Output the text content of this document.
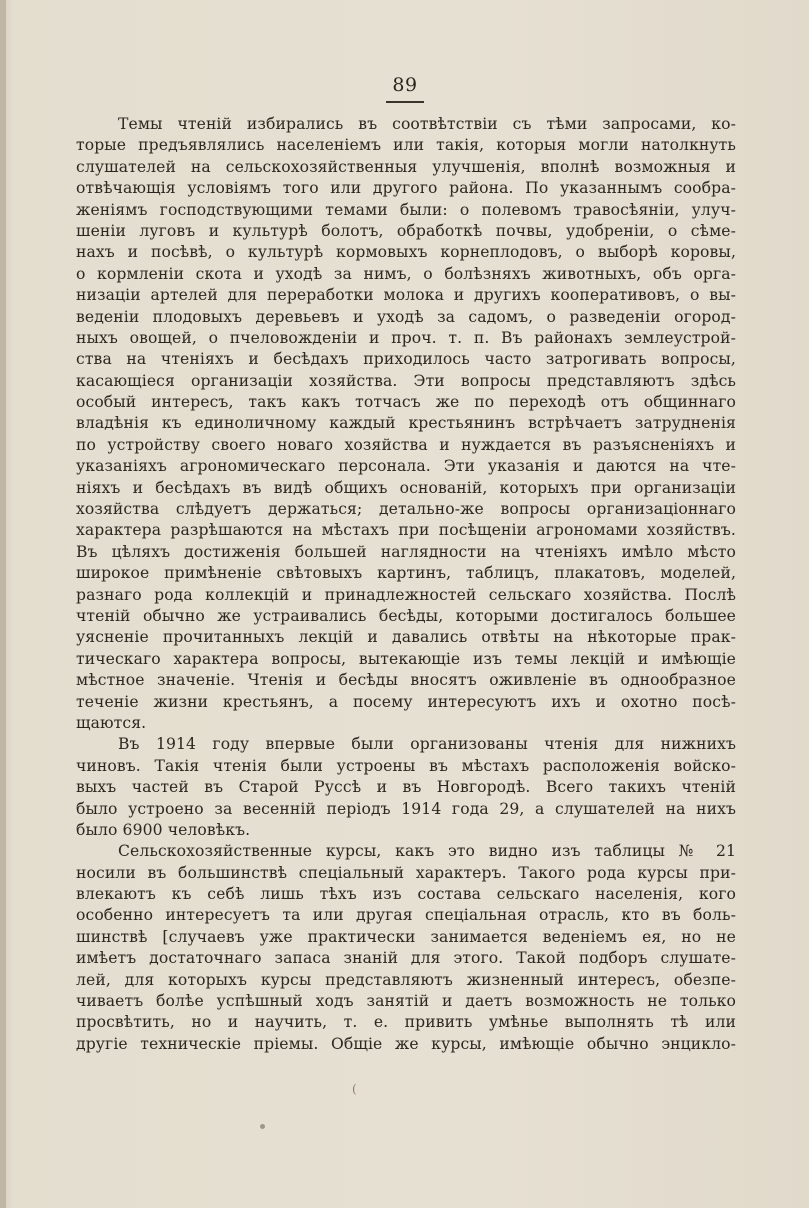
89
Темы чтеній избирались въ соотвѣтствіи съ тѣми запросами, ко-
торые предъявлялись населеніемъ или такія, которыя могли натолкнуть
слушателей на сельскохозяйственныя улучшенія, вполнѣ возможныя и
отвѣчающія условіямъ того или другого района. По указаннымъ сообра-
женіямъ господствующими темами были: о полевомъ травосѣяніи, улуч-
шеніи луговъ и культурѣ болотъ, обработкѣ почвы, удобреніи, о сѣме-
нахъ и посѣвѣ, о культурѣ кормовыхъ корнеплодовъ, о выборѣ коровы,
о кормленіи скота и уходѣ за нимъ, о болѣзняхъ животныхъ, объ орга-
низаціи артелей для переработки молока и другихъ кооперативовъ, о вы-
веденіи плодовыхъ деревьевъ и уходѣ за садомъ, о разведеніи огород-
ныхъ овощей, о пчеловожденіи и проч. т. п. Въ районахъ землеустрой-
ства на чтеніяхъ и бесѣдахъ приходилось часто затрогивать вопросы,
касающіеся организаціи хозяйства. Эти вопросы представляютъ здѣсь
особый интересъ, такъ какъ тотчасъ же по переходѣ отъ общиннаго
владѣнія къ единоличному каждый крестьянинъ встрѣчаетъ затрудненія
по устройству своего новаго хозяйства и нуждается въ разъясненіяхъ и
указаніяхъ агрономическаго персонала. Эти указанія и даются на чте-
ніяхъ и бесѣдахъ въ видѣ общихъ основаній, которыхъ при организаціи
хозяйства слѣдуетъ держаться; детально-же вопросы организаціоннаго
характера разрѣшаются на мѣстахъ при посѣщеніи агрономами хозяйствъ.
Въ цѣляхъ достиженія большей наглядности на чтеніяхъ имѣло мѣсто
широкое примѣненіе свѣтовыхъ картинъ, таблицъ, плакатовъ, моделей,
разнаго рода коллекцій и принадлежностей сельскаго хозяйства. Послѣ
чтеній обычно же устраивались бесѣды, которыми достигалось большее
уясненіе прочитанныхъ лекцій и давались отвѣты на нѣкоторые прак-
тическаго характера вопросы, вытекающіе изъ темы лекцій и имѣющіе
мѣстное значеніе. Чтенія и бесѣды вносятъ оживленіе въ однообразное
теченіе жизни крестьянъ, а посему интересуютъ ихъ и охотно посѣ-
щаются.
Въ 1914 году впервые были организованы чтенія для нижнихъ
чиновъ. Такія чтенія были устроены въ мѣстахъ расположенія войско-
выхъ частей въ Старой Руссѣ и въ Новгородѣ. Всего такихъ чтеній
было устроено за весенній періодъ 1914 года 29, а слушателей на нихъ
было 6900 человѣкъ.
Сельскохозяйственные курсы, какъ это видно изъ таблицы № 21
носили въ большинствѣ спеціальный характеръ. Такого рода курсы при-
влекаютъ къ себѣ лишь тѣхъ изъ состава сельскаго населенія, кого
особенно интересуетъ та или другая спеціальная отрасль, кто въ боль-
шинствѣ [случаевъ уже практически занимается веденіемъ ея, но не
имѣетъ достаточнаго запаса знаній для этого. Такой подборъ слушате-
лей, для которыхъ курсы представляютъ жизненный интересъ, обезпе-
чиваетъ болѣе успѣшный ходъ занятій и даетъ возможность не только
просвѣтить, но и научить, т. е. привить умѣнье выполнять тѣ или
другіе техническіе пріемы. Общіе же курсы, имѣющіе обычно энцикло-
(
